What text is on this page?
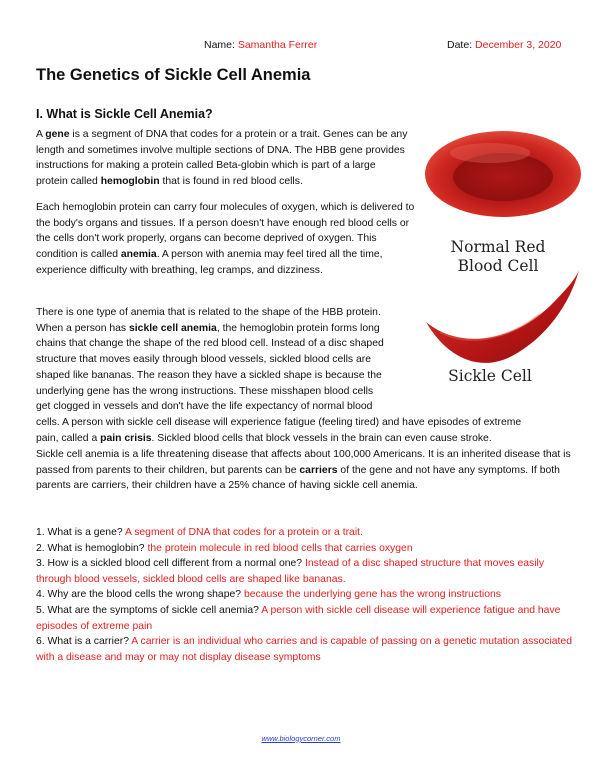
Name: Samantha Ferrer	Date: December 3, 2020
The Genetics of Sickle Cell Anemia
I. What is Sickle Cell Anemia?

A gene is a segment of DNA that codes for a protein or a trait. Genes can be any length and sometimes involve multiple sections of DNA. The HBB gene provides instructions for making a protein called Beta-globin which is part of a large protein called hemoglobin that is found in red blood cells.

Each hemoglobin protein can carry four molecules of oxygen, which is delivered to the body's organs and tissues. If a person doesn't have enough red blood cells or the cells don't work properly, organs can become deprived of oxygen. This condition is called anemia. A person with anemia may feel tired all the time, experience difficulty with breathing, leg cramps, and dizziness.

There is one type of anemia that is related to the shape of the HBB protein.
When a person has sickle cell anemia, the hemoglobin protein forms long
chains that change the shape of the red blood cell. Instead of a disc shaped
structure that moves easily through blood vessels, sickled blood cells are
shaped like bananas. The reason they have a sickled shape is because the
underlying gene has the wrong instructions. These misshapen blood cells
get clogged in vessels and don't have the life expectancy of normal blood
cells. A person with sickle cell disease will experience fatigue (feeling tired) and have episodes of extreme
pain, called a pain crisis. Sickled blood cells that block vessels in the brain can even cause stroke.

Sickle cell anemia is a life threatening disease that affects about 100,000 Americans. It is an inherited disease that is passed from parents to their children, but parents can be carriers of the gene and not have any symptoms. If both parents are carriers, their children have a 25% chance of having sickle cell anemia.

1. What is a gene? A segment of DNA that codes for a protein or a trait.
2. What is hemoglobin? the protein molecule in red blood cells that carries oxygen
3. How is a sickled blood cell different from a normal one? Instead of a disc shaped structure that moves easily through blood vessels, sickled blood cells are shaped like bananas.
4. Why are the blood cells the wrong shape? because the underlying gene has the wrong instructions
5. What are the symptoms of sickle cell anemia? A person with sickle cell disease will experience fatigue and have episodes of extreme pain
6. What is a carrier? A carrier is an individual who carries and is capable of passing on a genetic mutation associated with a disease and may or may not display disease symptoms
Normal Red
Blood Cell
Sickle Cell
www.biologycorner.com
